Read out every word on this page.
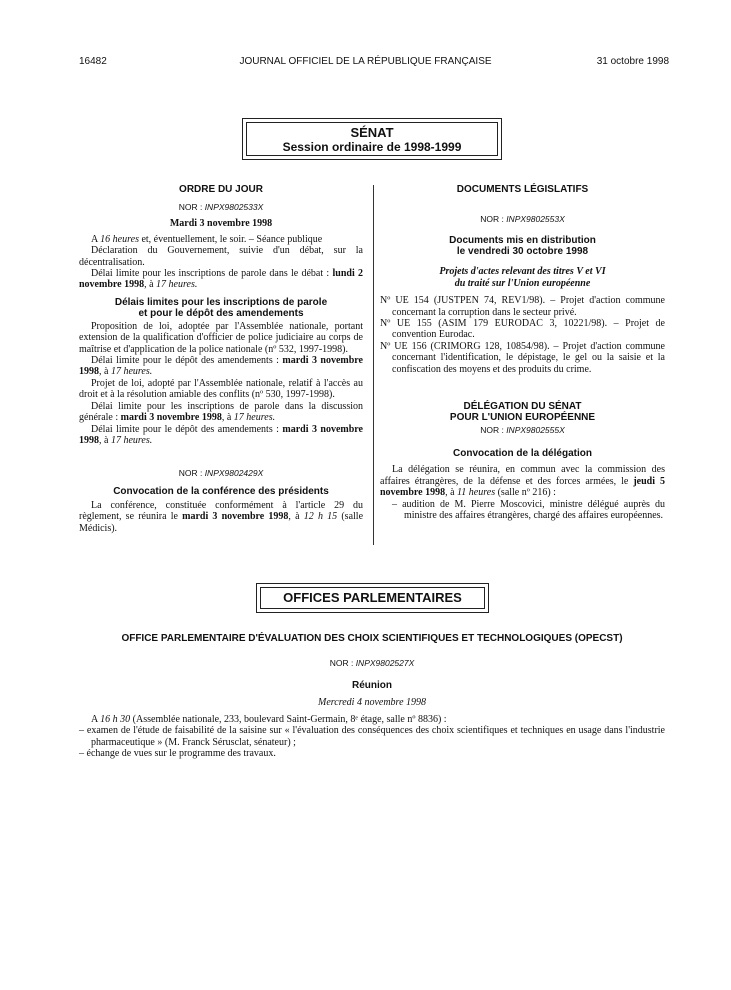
16482	JOURNAL OFFICIEL DE LA RÉPUBLIQUE FRANÇAISE	31 octobre 1998
SÉNAT
Session ordinaire de 1998-1999
ORDRE DU JOUR
NOR : INPX9802533X
Mardi 3 novembre 1998

A 16 heures et, éventuellement, le soir. – Séance publique

Déclaration du Gouvernement, suivie d'un débat, sur la décentralisation.

Délai limite pour les inscriptions de parole dans le débat : lundi 2 novembre 1998, à 17 heures.

Délais limites pour les inscriptions de parole
et pour le dépôt des amendements

Proposition de loi, adoptée par l'Assemblée nationale, portant extension de la qualification d'officier de police judiciaire au corps de maîtrise et d'application de la police nationale (nº 532, 1997-1998).

Délai limite pour le dépôt des amendements : mardi 3 novembre 1998, à 17 heures.

Projet de loi, adopté par l'Assemblée nationale, relatif à l'accès au droit et à la résolution amiable des conflits (nº 530, 1997-1998).

Délai limite pour les inscriptions de parole dans la discussion générale : mardi 3 novembre 1998, à 17 heures.

Délai limite pour le dépôt des amendements : mardi 3 novembre 1998, à 17 heures.

NOR : INPX9802429X
Convocation de la conférence des présidents

La conférence, constituée conformément à l'article 29 du règlement, se réunira le mardi 3 novembre 1998, à 12 h 15 (salle Médicis).

DOCUMENTS LÉGISLATIFS
NOR : INPX9802553X
Documents mis en distribution
le vendredi 30 octobre 1998
Projets d'actes relevant des titres V et VI
du traité sur l'Union européenne

Nº UE 154 (JUSTPEN 74, REV1/98). – Projet d'action commune concernant la corruption dans le secteur privé.

Nº UE 155 (ASIM 179 EURODAC 3, 10221/98). – Projet de convention Eurodac.

Nº UE 156 (CRIMORG 128, 10854/98). – Projet d'action commune concernant l'identification, le dépistage, le gel ou la saisie et la confiscation des moyens et des produits du crime.

DÉLÉGATION DU SÉNAT
POUR L'UNION EUROPÉENNE
NOR : INPX9802555X
Convocation de la délégation

La délégation se réunira, en commun avec la commission des affaires étrangères, de la défense et des forces armées, le jeudi 5 novembre 1998, à 11 heures (salle nº 216) :

– audition de M. Pierre Moscovici, ministre délégué auprès du ministre des affaires étrangères, chargé des affaires européennes.

OFFICES PARLEMENTAIRES
OFFICE PARLEMENTAIRE D'ÉVALUATION DES CHOIX SCIENTIFIQUES ET TECHNOLOGIQUES (OPECST)
NOR : INPX9802527X
Réunion
Mercredi 4 novembre 1998

A 16 h 30 (Assemblée nationale, 233, boulevard Saint-Germain, 8ᵉ étage, salle nº 8836) :

– examen de l'étude de faisabilité de la saisine sur « l'évaluation des conséquences des choix scientifiques et techniques en usage dans l'industrie pharmaceutique » (M. Franck Sérusclat, sénateur) ;

– échange de vues sur le programme des travaux.
